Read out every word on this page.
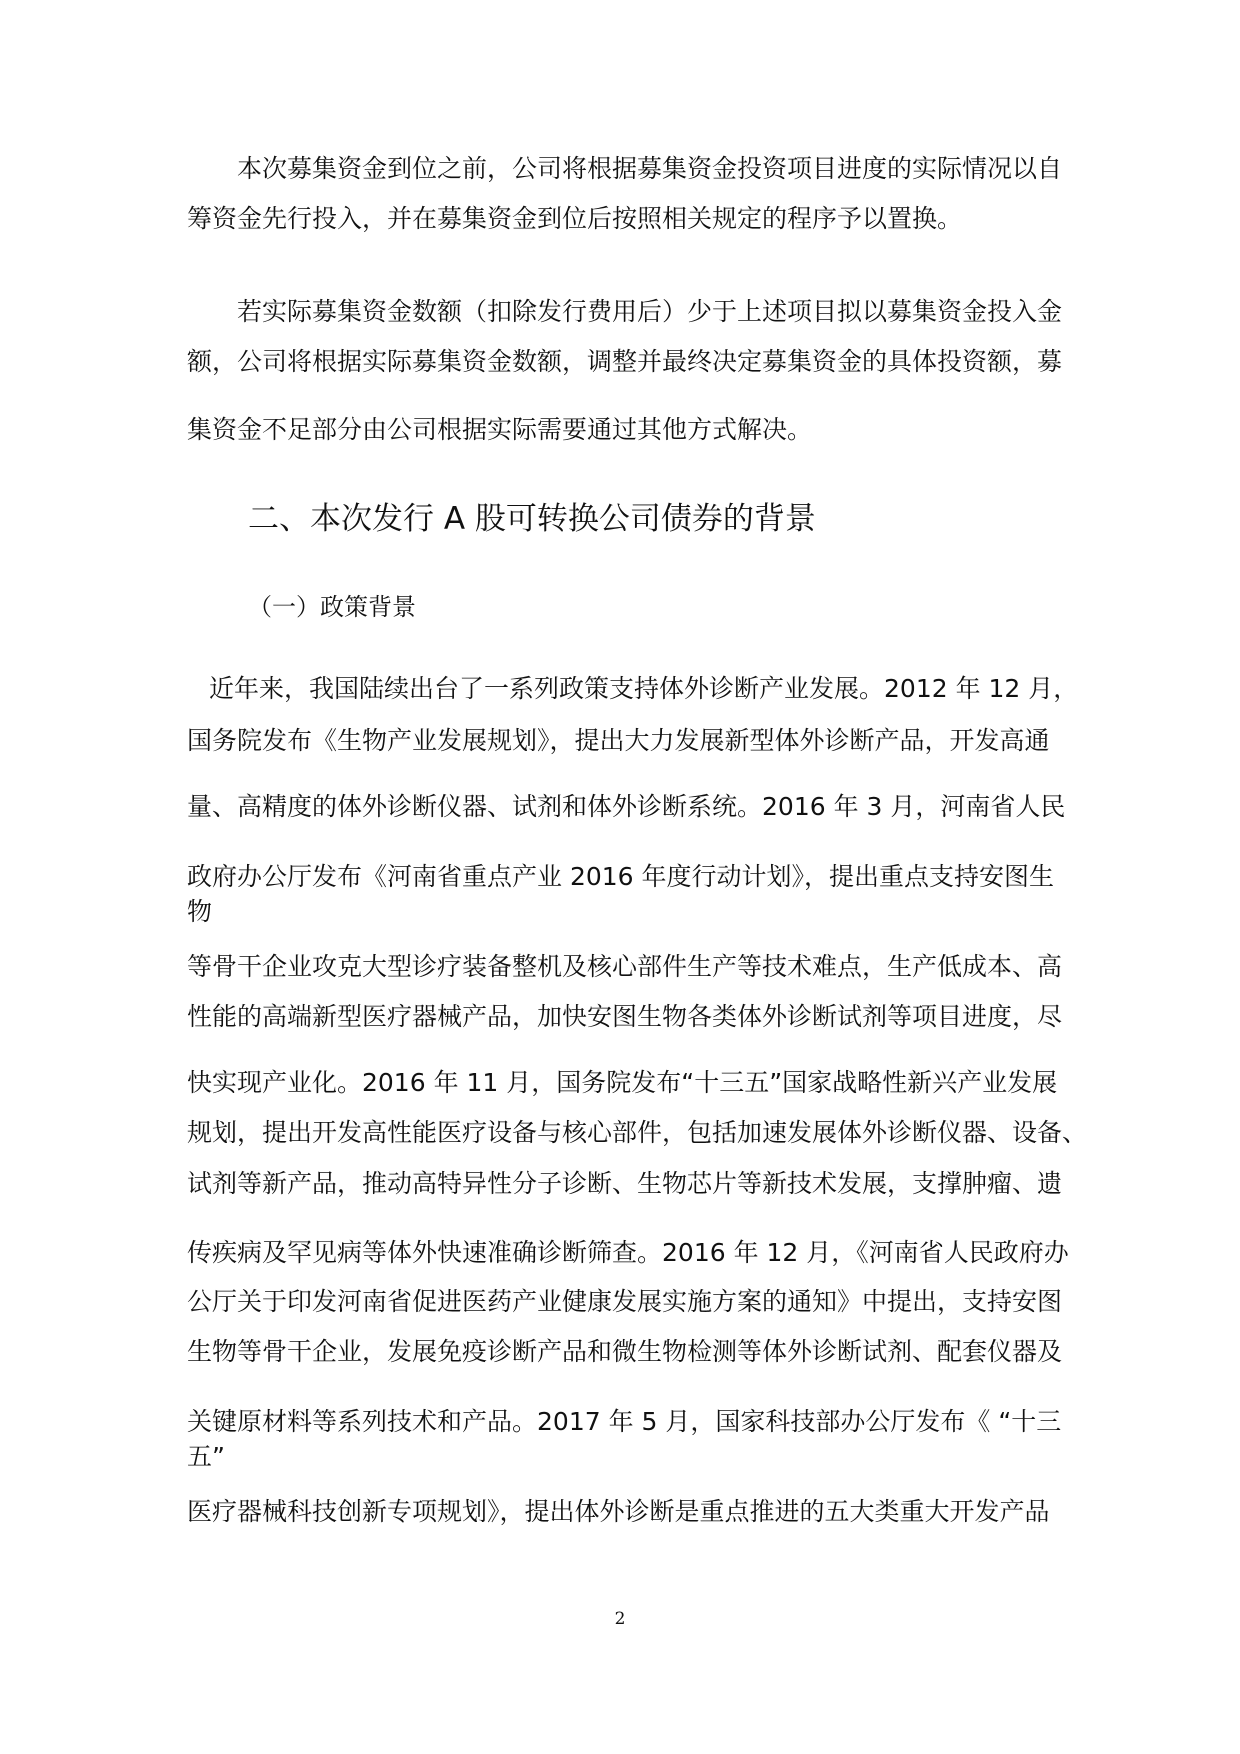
本次募集资金到位之前，公司将根据募集资金投资项目进度的实际情况以自

筹资金先行投入，并在募集资金到位后按照相关规定的程序予以置换。

若实际募集资金数额（扣除发行费用后）少于上述项目拟以募集资金投入金

额，公司将根据实际募集资金数额，调整并最终决定募集资金的具体投资额，募

集资金不足部分由公司根据实际需要通过其他方式解决。

二、本次发行 A 股可转换公司债券的背景

（一）政策背景

近年来，我国陆续出台了一系列政策支持体外诊断产业发展。2012 年 12 月，

国务院发布《生物产业发展规划》，提出大力发展新型体外诊断产品，开发高通

量、高精度的体外诊断仪器、试剂和体外诊断系统。2016 年 3 月，河南省人民

政府办公厅发布《河南省重点产业 2016 年度行动计划》，提出重点支持安图生

物

等骨干企业攻克大型诊疗装备整机及核心部件生产等技术难点，生产低成本、高

性能的高端新型医疗器械产品，加快安图生物各类体外诊断试剂等项目进度，尽

快实现产业化。2016 年 11 月，国务院发布“十三五”国家战略性新兴产业发展

规划，提出开发高性能医疗设备与核心部件，包括加速发展体外诊断仪器、设备、

试剂等新产品，推动高特异性分子诊断、生物芯片等新技术发展，支撑肿瘤、遗

传疾病及罕见病等体外快速准确诊断筛查。2016 年 12 月，《河南省人民政府办

公厅关于印发河南省促进医药产业健康发展实施方案的通知》中提出，支持安图

生物等骨干企业，发展免疫诊断产品和微生物检测等体外诊断试剂、配套仪器及

关键原材料等系列技术和产品。2017 年 5 月，国家科技部办公厅发布《 “十三

五”

医疗器械科技创新专项规划》，提出体外诊断是重点推进的五大类重大开发产品

2
